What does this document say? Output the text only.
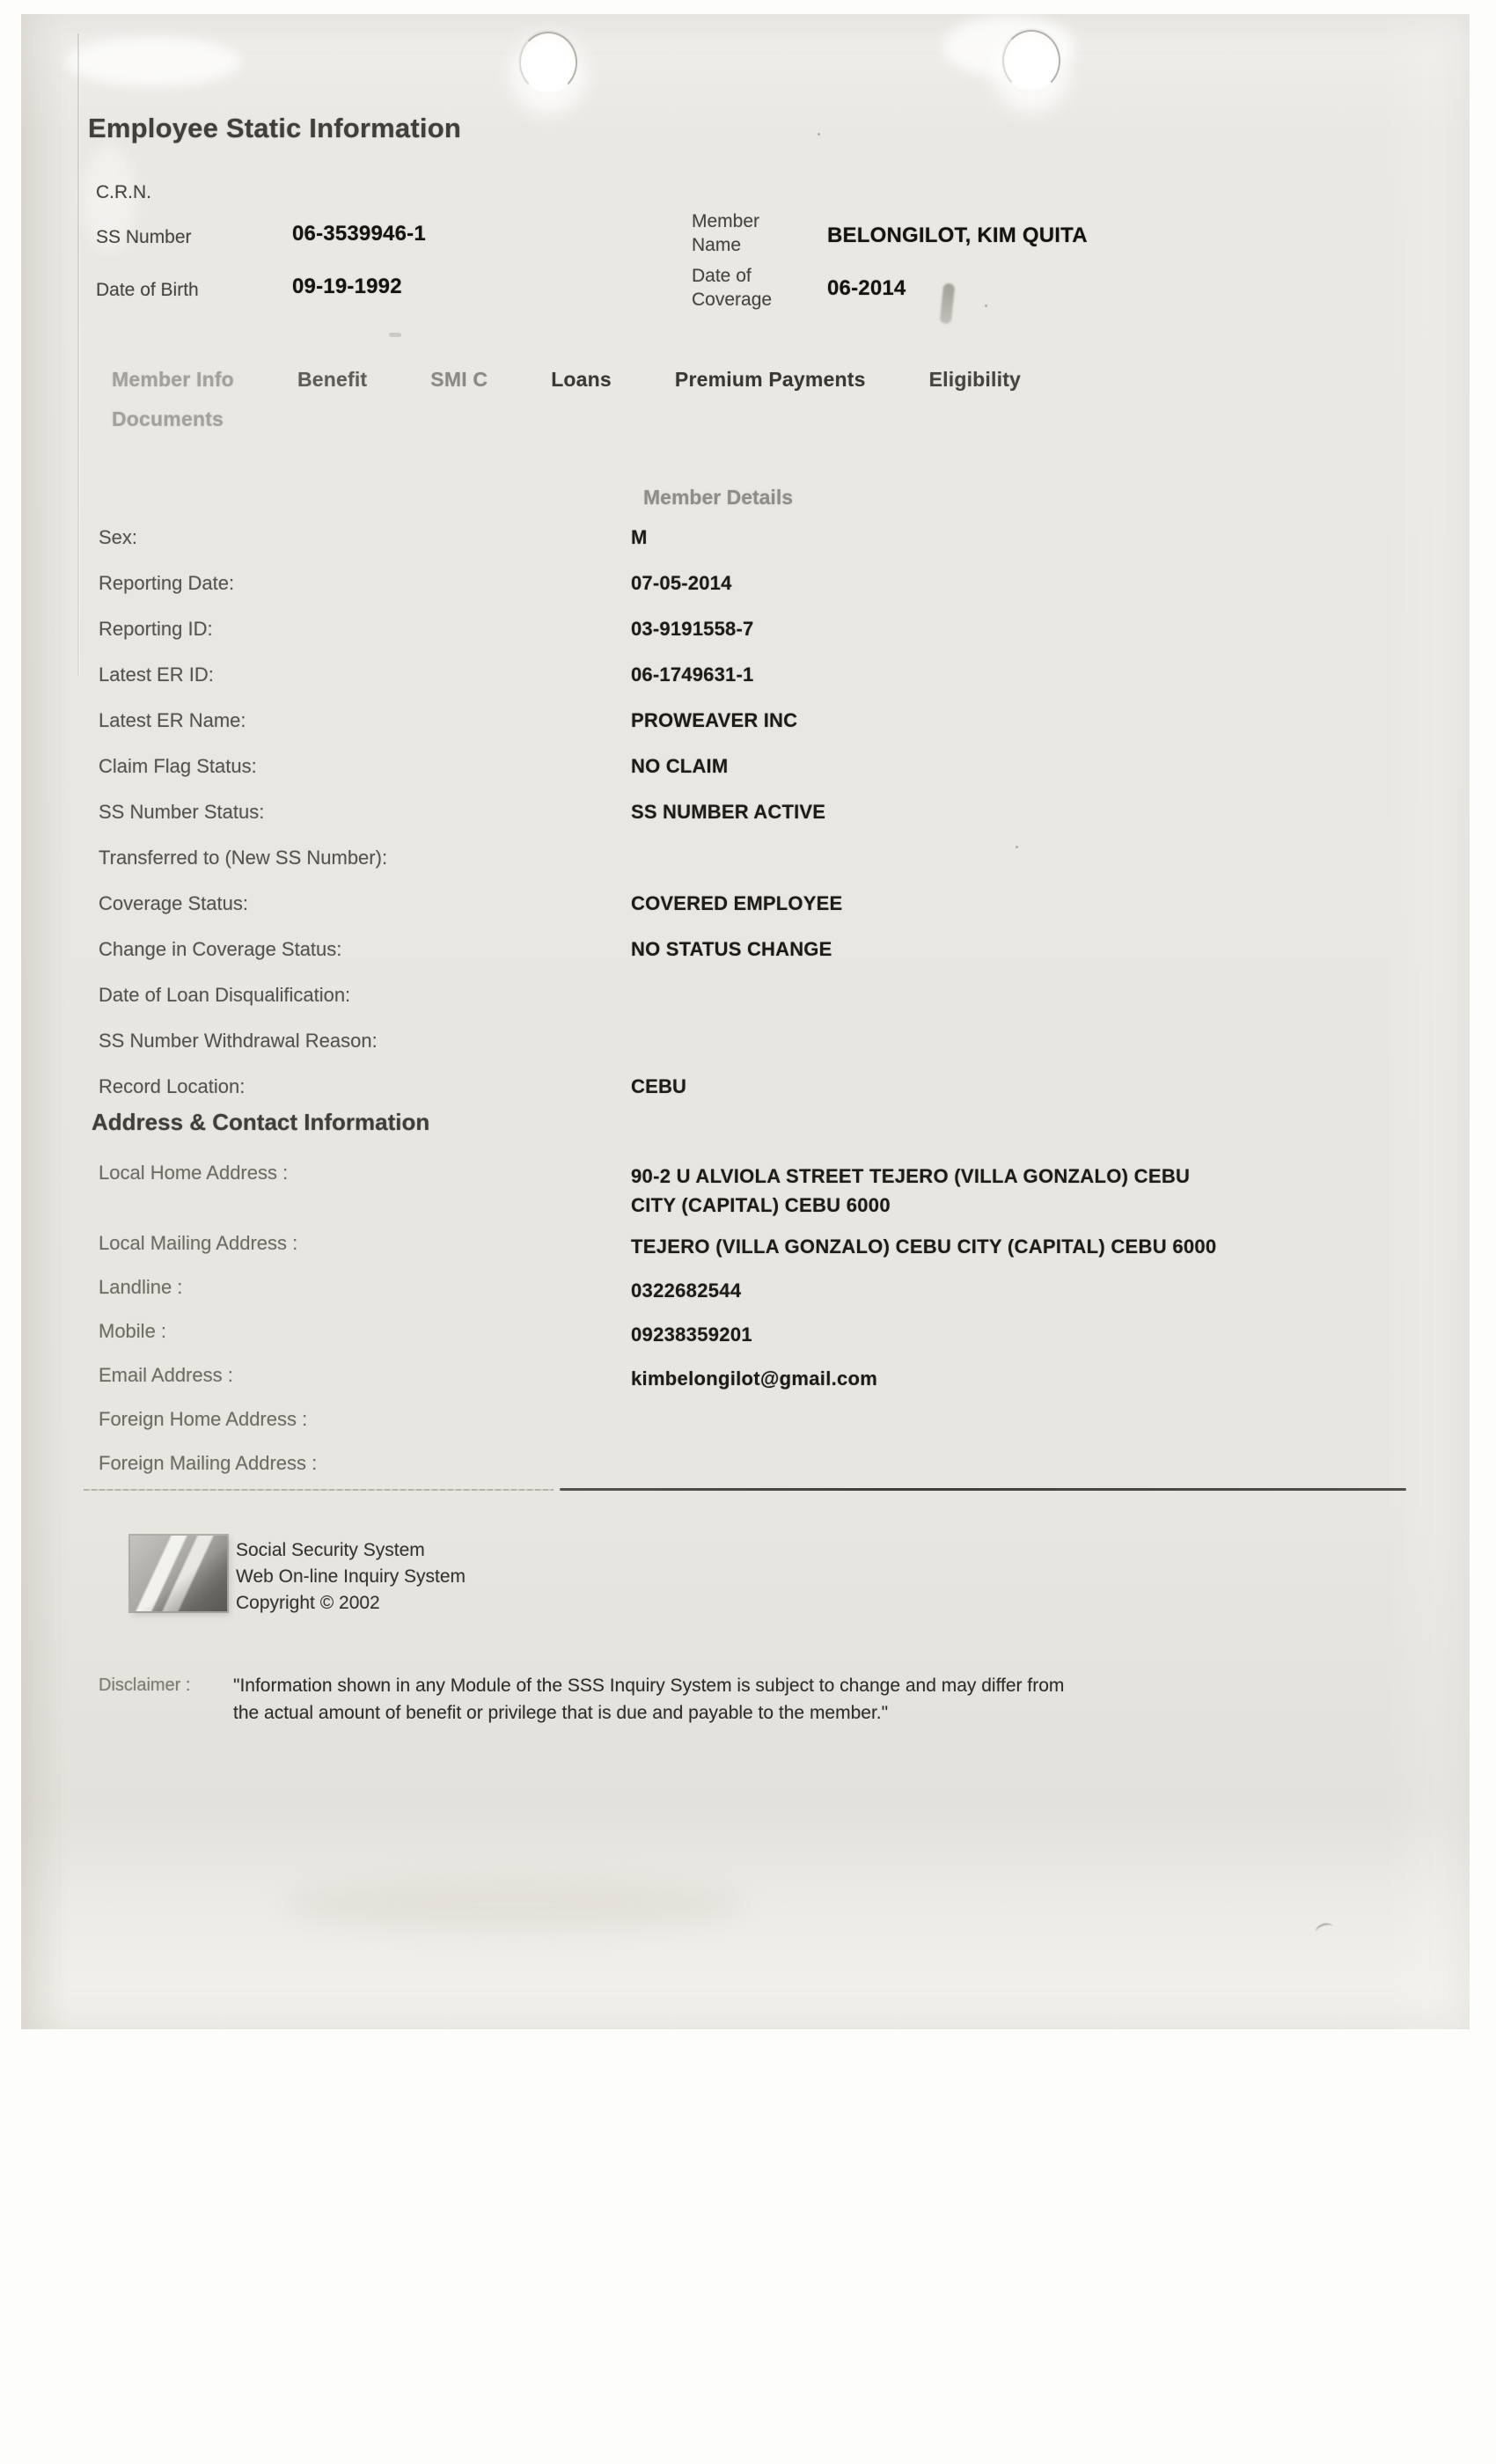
Employee Static Information
C.R.N.
SS Number	06-3539946-1
Date of Birth	09-19-1992
Member Name	BELONGILOT, KIM QUITA
Date of Coverage	06-2014
Member Info	Benefit	SMI C	Loans	Premium Payments	Eligibility
Documents
Member Details
Sex:	M
Reporting Date:	07-05-2014
Reporting ID:	03-9191558-7
Latest ER ID:	06-1749631-1
Latest ER Name:	PROWEAVER INC
Claim Flag Status:	NO CLAIM
SS Number Status:	SS NUMBER ACTIVE
Transferred to (New SS Number):
Coverage Status:	COVERED EMPLOYEE
Change in Coverage Status:	NO STATUS CHANGE
Date of Loan Disqualification:
SS Number Withdrawal Reason:
Record Location:	CEBU
Address & Contact Information
Local Home Address :	90-2 U ALVIOLA STREET TEJERO (VILLA GONZALO) CEBU
CITY (CAPITAL) CEBU 6000
Local Mailing Address :	TEJERO (VILLA GONZALO) CEBU CITY (CAPITAL) CEBU 6000
Landline :	0322682544
Mobile :	09238359201
Email Address :	kimbelongilot@gmail.com
Foreign Home Address :
Foreign Mailing Address :
Social Security System
Web On-line Inquiry System
Copyright © 2002
Disclaimer : "Information shown in any Module of the SSS Inquiry System is subject to change and may differ from
the actual amount of benefit or privilege that is due and payable to the member."
